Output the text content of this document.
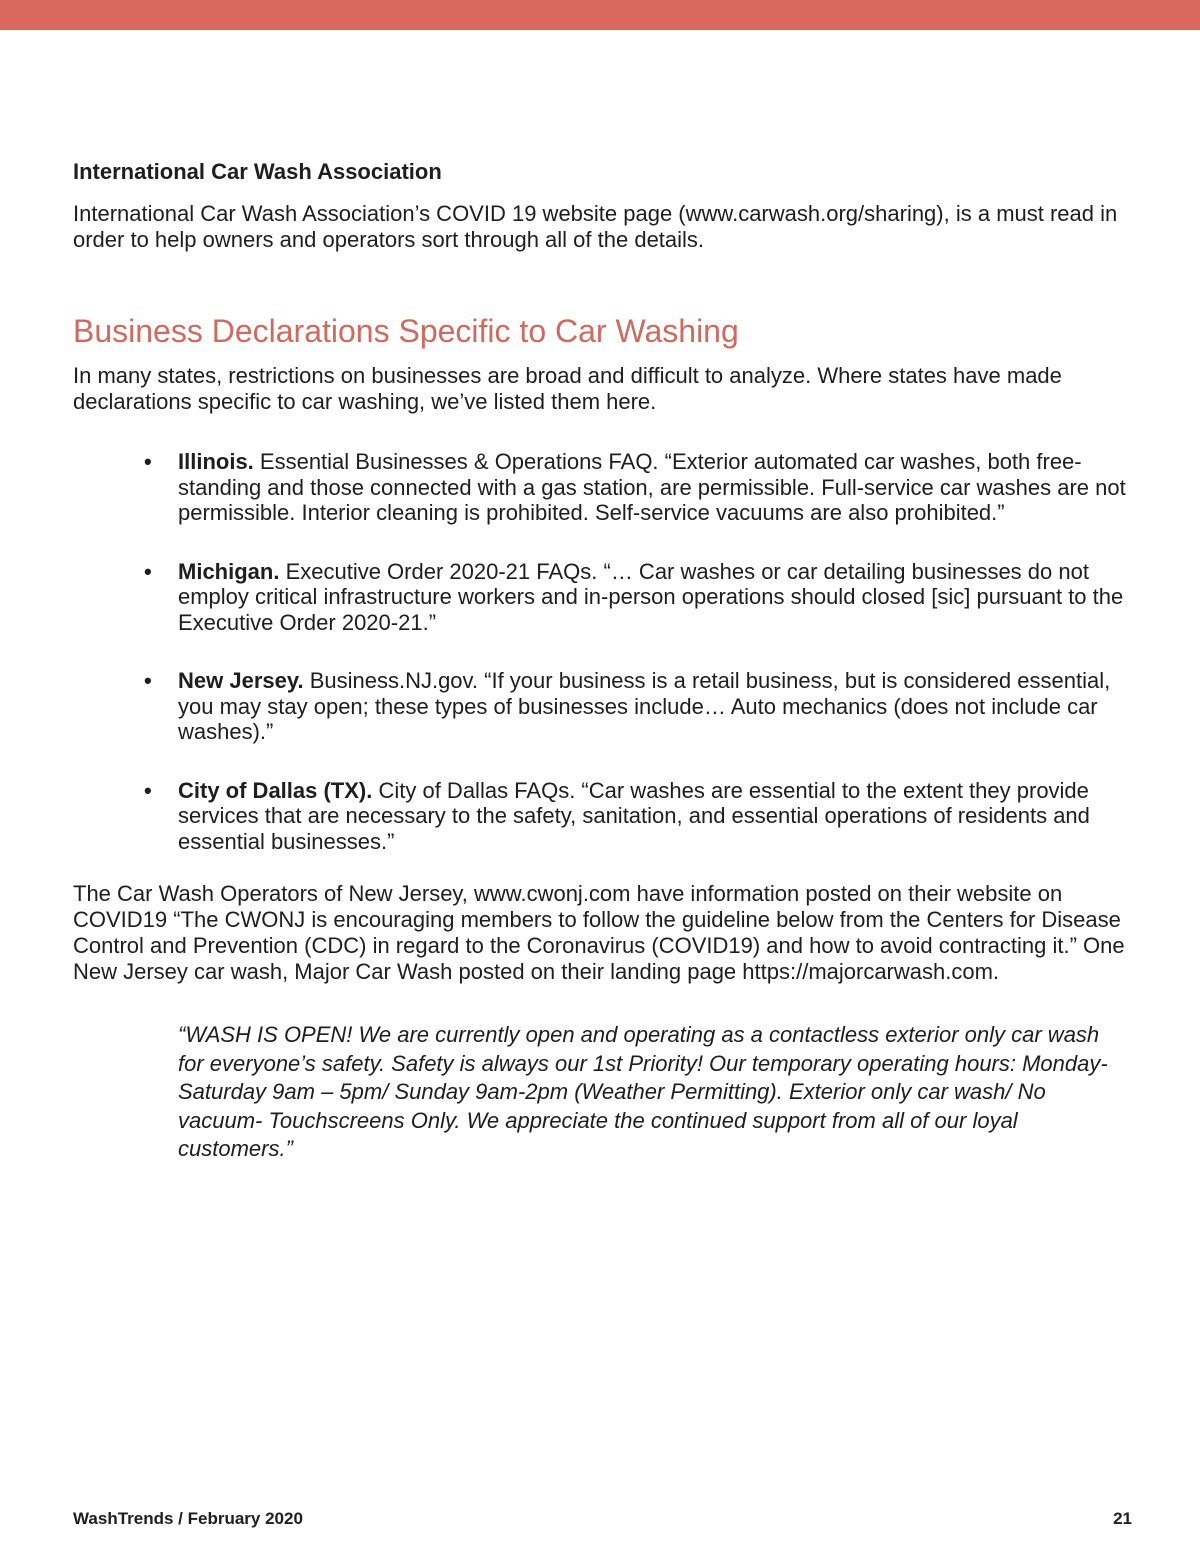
International Car Wash Association

International Car Wash Association’s COVID 19 website page (www.carwash.org/sharing), is a must read in order to help owners and operators sort through all of the details.

Business Declarations Specific to Car Washing

In many states, restrictions on businesses are broad and difficult to analyze. Where states have made declarations specific to car washing, we’ve listed them here.

• Illinois. Essential Businesses & Operations FAQ. “Exterior automated car washes, both free-standing and those connected with a gas station, are permissible. Full-service car washes are not permissible. Interior cleaning is prohibited. Self-service vacuums are also prohibited.”
• Michigan. Executive Order 2020-21 FAQs. “… Car washes or car detailing businesses do not employ critical infrastructure workers and in-person operations should closed [sic] pursuant to the Executive Order 2020-21.”
• New Jersey. Business.NJ.gov. “If your business is a retail business, but is considered essential, you may stay open; these types of businesses include… Auto mechanics (does not include car washes).”
• City of Dallas (TX). City of Dallas FAQs. “Car washes are essential to the extent they provide services that are necessary to the safety, sanitation, and essential operations of residents and essential businesses.”

The Car Wash Operators of New Jersey, www.cwonj.com have information posted on their website on COVID19 “The CWONJ is encouraging members to follow the guideline below from the Centers for Disease Control and Prevention (CDC) in regard to the Coronavirus (COVID19) and how to avoid contracting it.” One New Jersey car wash, Major Car Wash posted on their landing page https://majorcarwash.com.

“WASH IS OPEN! We are currently open and operating as a contactless exterior only car wash for everyone’s safety. Safety is always our 1st Priority! Our temporary operating hours: Monday-Saturday 9am – 5pm/ Sunday 9am-2pm (Weather Permitting). Exterior only car wash/ No vacuum- Touchscreens Only. We appreciate the continued support from all of our loyal customers.”

WashTrends / February 2020	21
